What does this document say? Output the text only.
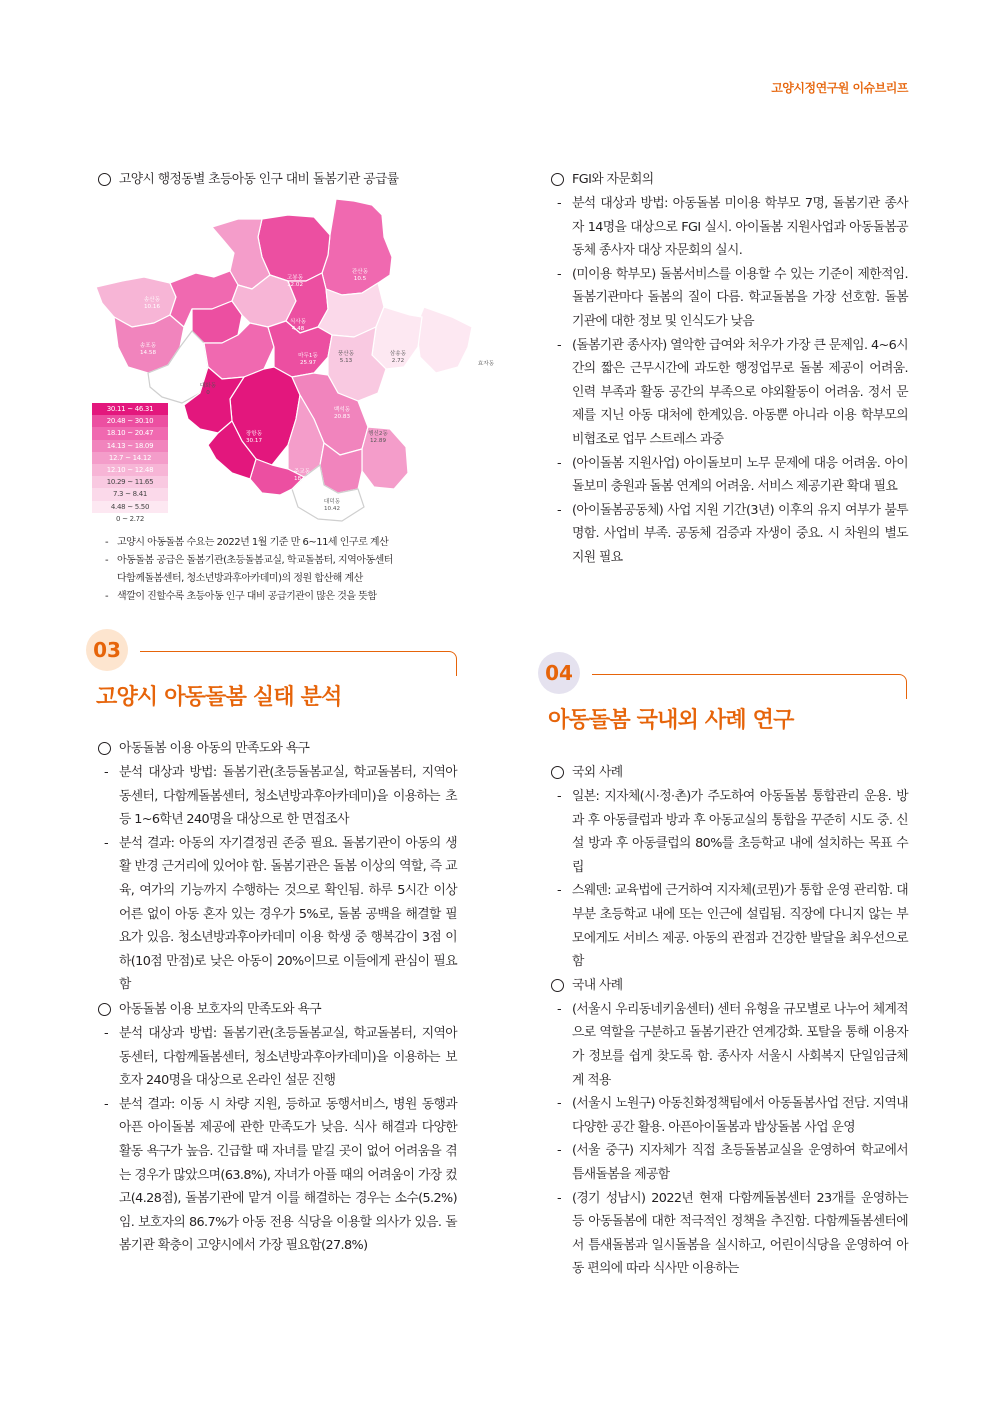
고양시정연구원 이슈브리프
고양시 행정동별 초등아동 인구 대비 돌봄기관 공급률
송산동
10.16
송포동
14.58
고봉동
12.02
관산동
10.5	창릉동
7.1
식사동
4.48
마두1동
25.97
장항동
30.17
백석동
20.83
주교동
18.29
풍산동
5.13
삼송동
2.72	효자동
대화동
0
대덕동
10.42
행신2동
12.89
30.11 ~ 46.31
20.48 ~ 30.10
18.10 ~ 20.47
14.13 ~ 18.09
12.7 ~ 14.12
12.10 ~ 12.48
10.29 ~ 11.65
7.3 ~ 8.41
4.48 ~ 5.50
0 ~ 2.72
- 고양시 아동돌봄 수요는 2022년 1월 기준 만 6~11세 인구로 계산
- 아동돌봄 공급은 돌봄기관(초등돌봄교실, 학교돌봄터, 지역아동센터
다함께돌봄센터, 청소년방과후아카데미)의 정원 합산해 계산
- 색깔이 진할수록 초등아동 인구 대비 공급기관이 많은 것을 뜻함
03
고양시 아동돌봄 실태 분석
아동돌봄 이용 아동의 만족도와 욕구
- 분석 대상과 방법: 돌봄기관(초등돌봄교실, 학교돌봄터, 지역아동센터, 다함께돌봄센터, 청소년방과후아카데미)을 이용하는 초등 1~6학년 240명을 대상으로 한 면접조사
- 분석 결과: 아동의 자기결정권 존중 필요. 돌봄기관이 아동의 생활 반경 근거리에 있어야 함. 돌봄기관은 돌봄 이상의 역할, 즉 교육, 여가의 기능까지 수행하는 것으로 확인됨. 하루 5시간 이상 어른 없이 아동 혼자 있는 경우가 5%로, 돌봄 공백을 해결할 필요가 있음. 청소년방과후아카데미 이용 학생 중 행복감이 3점 이하(10점 만점)로 낮은 아동이 20%이므로 이들에게 관심이 필요함
아동돌봄 이용 보호자의 만족도와 욕구
- 분석 대상과 방법: 돌봄기관(초등돌봄교실, 학교돌봄터, 지역아동센터, 다함께돌봄센터, 청소년방과후아카데미)을 이용하는 보호자 240명을 대상으로 온라인 설문 진행
- 분석 결과: 이동 시 차량 지원, 등하교 동행서비스, 병원 동행과 아픈 아이돌봄 제공에 관한 만족도가 낮음. 식사 해결과 다양한 활동 욕구가 높음. 긴급할 때 자녀를 맡길 곳이 없어 어려움을 겪는 경우가 많았으며(63.8%), 자녀가 아플 때의 어려움이 가장 컸고(4.28점), 돌봄기관에 맡겨 이를 해결하는 경우는 소수(5.2%)임. 보호자의 86.7%가 아동 전용 식당을 이용할 의사가 있음. 돌봄기관 확충이 고양시에서 가장 필요함(27.8%)
FGI와 자문회의
- 분석 대상과 방법: 아동돌봄 미이용 학부모 7명, 돌봄기관 종사자 14명을 대상으로 FGI 실시. 아이돌봄 지원사업과 아동돌봄공동체 종사자 대상 자문회의 실시.
- (미이용 학부모) 돌봄서비스를 이용할 수 있는 기준이 제한적임. 돌봄기관마다 돌봄의 질이 다름. 학교돌봄을 가장 선호함. 돌봄기관에 대한 정보 및 인식도가 낮음
- (돌봄기관 종사자) 열악한 급여와 처우가 가장 큰 문제임. 4~6시간의 짧은 근무시간에 과도한 행정업무로 돌봄 제공이 어려움. 인력 부족과 활동 공간의 부족으로 야외활동이 어려움. 정서 문제를 지닌 아동 대처에 한계있음. 아동뿐 아니라 이용 학부모의 비협조로 업무 스트레스 과중
- (아이돌봄 지원사업) 아이돌보미 노무 문제에 대응 어려움. 아이돌보미 충원과 돌봄 연계의 어려움. 서비스 제공기관 확대 필요
- (아이돌봄공동체) 사업 지원 기간(3년) 이후의 유지 여부가 불투명함. 사업비 부족. 공동체 검증과 자생이 중요. 시 차원의 별도 지원 필요
04
아동돌봄 국내외 사례 연구
국외 사례
- 일본: 지자체(시·정·촌)가 주도하여 아동돌봄 통합관리 운용. 방과 후 아동클럽과 방과 후 아동교실의 통합을 꾸준히 시도 중. 신설 방과 후 아동클럽의 80%를 초등학교 내에 설치하는 목표 수립
- 스웨덴: 교육법에 근거하여 지자체(코뮌)가 통합 운영 관리함. 대부분 초등학교 내에 또는 인근에 설립됨. 직장에 다니지 않는 부모에게도 서비스 제공. 아동의 관점과 건강한 발달을 최우선으로 함
국내 사례
- (서울시 우리동네키움센터) 센터 유형을 규모별로 나누어 체계적으로 역할을 구분하고 돌봄기관간 연계강화. 포탈을 통해 이용자가 정보를 쉽게 찾도록 함. 종사자 서울시 사회복지 단일임금체계 적용
- (서울시 노원구) 아동친화정책팀에서 아동돌봄사업 전담. 지역내 다양한 공간 활용. 아픈아이돌봄과 밥상돌봄 사업 운영
- (서울 중구) 지자체가 직접 초등돌봄교실을 운영하여 학교에서 틈새돌봄을 제공함
- (경기 성남시) 2022년 현재 다함께돌봄센터 23개를 운영하는 등 아동돌봄에 대한 적극적인 정책을 추진함. 다함께돌봄센터에서 틈새돌봄과 일시돌봄을 실시하고, 어린이식당을 운영하여 아동 편의에 따라 식사만 이용하는
